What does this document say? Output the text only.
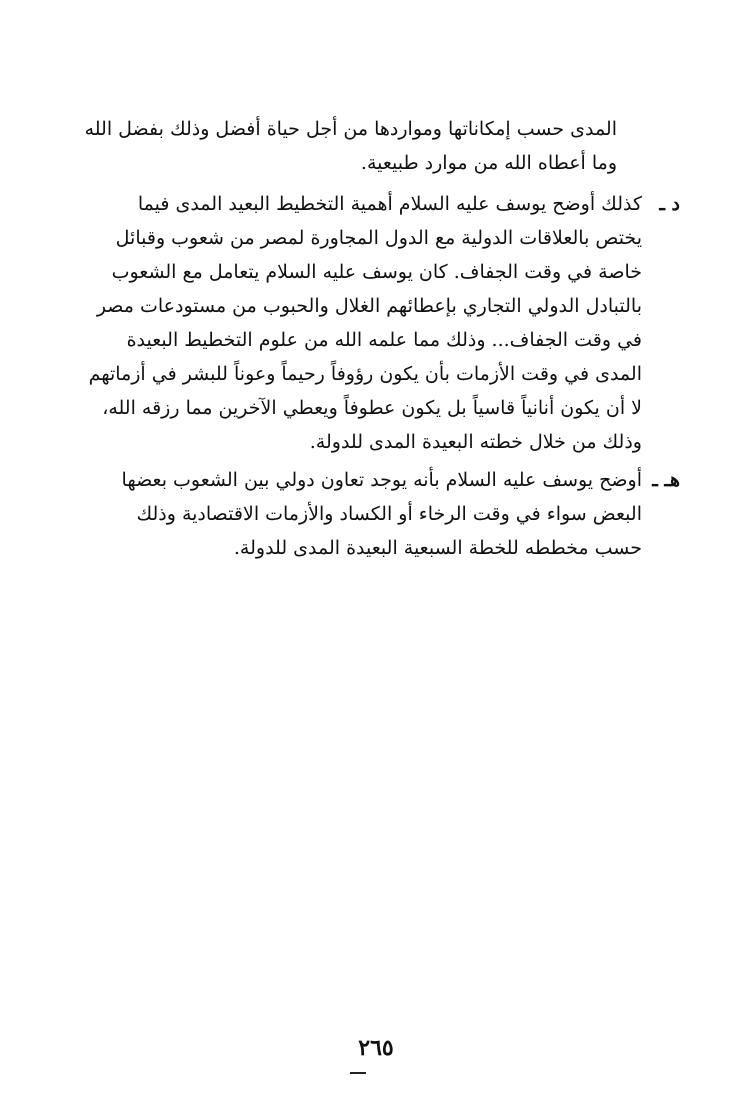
المدى حسب إمكاناتها ومواردها من أجل حياة أفضل وذلك بفضل الله
وما أعطاه الله من موارد طبيعية.
د ـ
كذلك أوضح يوسف عليه السلام أهمية التخطيط البعيد المدى فيما
يختص بالعلاقات الدولية مع الدول المجاورة لمصر من شعوب وقبائل
خاصة في وقت الجفاف. كان يوسف عليه السلام يتعامل مع الشعوب
بالتبادل الدولي التجاري بإعطائهم الغلال والحبوب من مستودعات مصر
في وقت الجفاف... وذلك مما علمه الله من علوم التخطيط البعيدة
المدى في وقت الأزمات بأن يكون رؤوفاً رحيماً وعوناً للبشر في أزماتهم
لا أن يكون أنانياً قاسياً بل يكون عطوفاً ويعطي الآخرين مما رزقه الله،
وذلك من خلال خطته البعيدة المدى للدولة.
هـ ـ
أوضح يوسف عليه السلام بأنه يوجد تعاون دولي بين الشعوب بعضها
البعض سواء في وقت الرخاء أو الكساد والأزمات الاقتصادية وذلك
حسب مخططه للخطة السبعية البعيدة المدى للدولة.
٢٦٥
